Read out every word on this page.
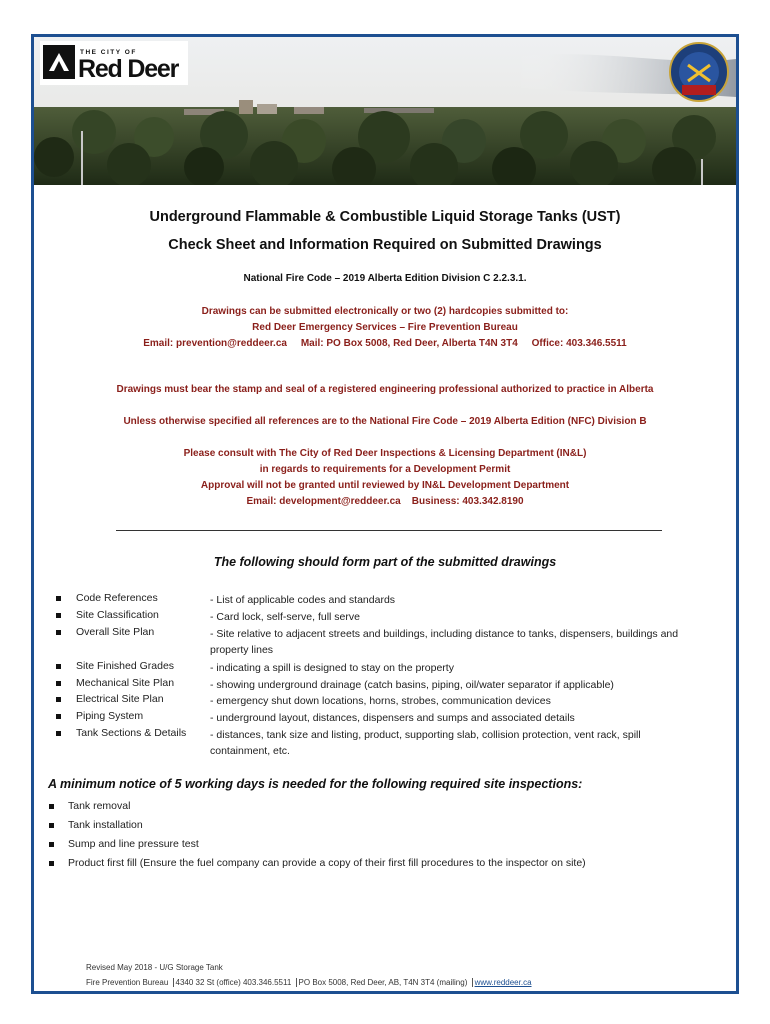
THE CITY OF
Red Deer
Underground Flammable & Combustible Liquid Storage Tanks (UST)
Check Sheet and Information Required on Submitted Drawings
National Fire Code – 2019 Alberta Edition Division C 2.2.3.1.
Drawings can be submitted electronically or two (2) hardcopies submitted to:
Red Deer Emergency Services – Fire Prevention Bureau
Email: prevention@reddeer.ca     Mail: PO Box 5008, Red Deer, Alberta T4N 3T4     Office: 403.346.5511
Drawings must bear the stamp and seal of a registered engineering professional authorized to practice in Alberta
Unless otherwise specified all references are to the National Fire Code – 2019 Alberta Edition (NFC) Division B
Please consult with The City of Red Deer Inspections & Licensing Department (IN&L)
in regards to requirements for a Development Permit
Approval will not be granted until reviewed by IN&L Development Department
Email: development@reddeer.ca    Business: 403.342.8190
The following should form part of the submitted drawings
Code References	- List of applicable codes and standards
Site Classification	- Card lock, self-serve, full serve
Overall Site Plan	- Site relative to adjacent streets and buildings, including distance to tanks, dispensers, buildings and property lines
Site Finished Grades	- indicating a spill is designed to stay on the property
Mechanical Site Plan	- showing underground drainage (catch basins, piping, oil/water separator if applicable)
Electrical Site Plan	- emergency shut down locations, horns, strobes, communication devices
Piping System	- underground layout, distances, dispensers and sumps and associated details
Tank Sections & Details - distances, tank size and listing, product, supporting slab, collision protection, vent rack, spill containment, etc.
A minimum notice of 5 working days is needed for the following required site inspections:
Tank removal
Tank installation
Sump and line pressure test
Product first fill (Ensure the fuel company can provide a copy of their first fill procedures to the inspector on site)
Revised May 2018 - U/G Storage Tank
Fire Prevention Bureau 4340 32 St (office) 403.346.5511 PO Box 5008, Red Deer, AB, T4N 3T4 (mailing) www.reddeer.ca
